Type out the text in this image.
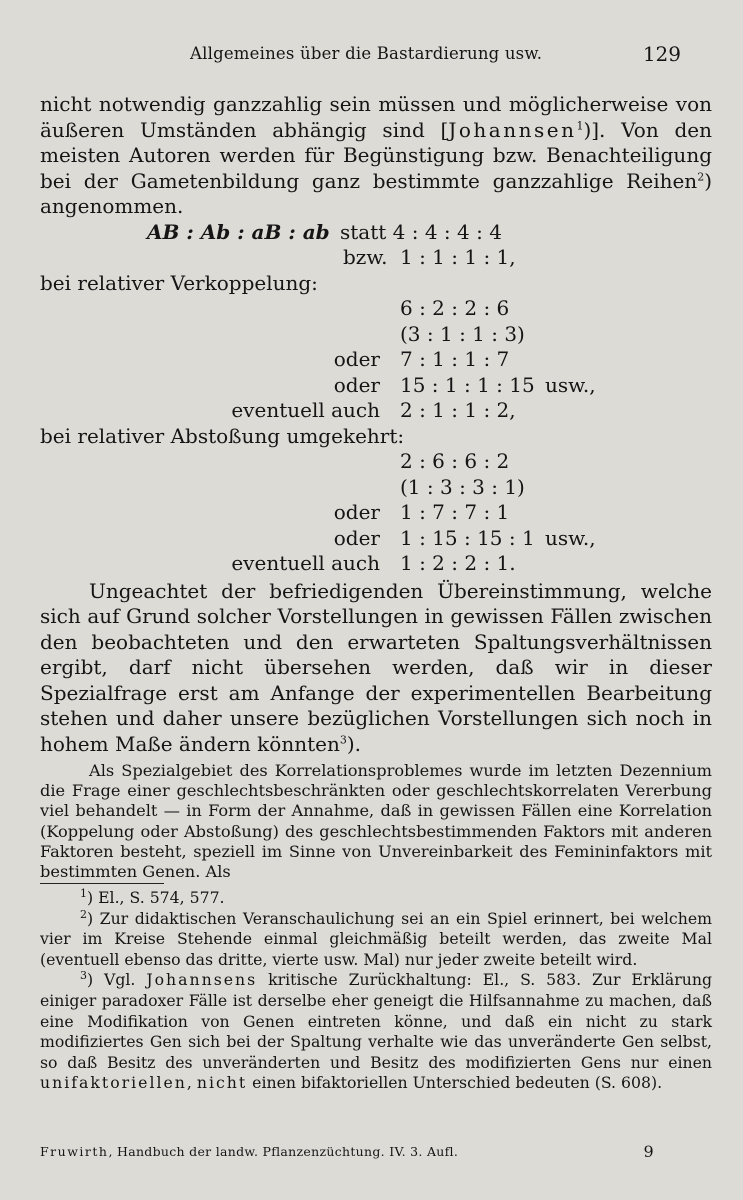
Allgemeines über die Bastardierung usw.	129

nicht notwendig ganzzahlig sein müssen und möglicherweise von äußeren Umständen abhängig sind [Johannsen$^1$)]. Von den meisten Autoren werden für Begünstigung bzw. Benachteiligung bei der Gametenbildung ganz bestimmte ganzzahlige Reihen$^2$) angenommen.

AB : Ab : aB : ab statt 4 : 4 : 4 : 4
bzw. 1 : 1 : 1 : 1,
bei relativer Verkoppelung:
6 : 2 : 2 : 6
(3 : 1 : 1 : 3)
oder 7 : 1 : 1 : 7
oder 15 : 1 : 1 : 15 usw.,
eventuell auch 2 : 1 : 1 : 2,
bei relativer Abstoßung umgekehrt:
2 : 6 : 6 : 2
(1 : 3 : 3 : 1)
oder 1 : 7 : 7 : 1
oder 1 : 15 : 15 : 1 usw.,
eventuell auch 1 : 2 : 2 : 1.

Ungeachtet der befriedigenden Übereinstimmung, welche sich auf Grund solcher Vorstellungen in gewissen Fällen zwischen den beobachteten und den erwarteten Spaltungsverhältnissen ergibt, darf nicht übersehen werden, daß wir in dieser Spezialfrage erst am Anfange der experimentellen Bearbeitung stehen und daher unsere bezüglichen Vorstellungen sich noch in hohem Maße ändern könnten$^3$).

Als Spezialgebiet des Korrelationsproblemes wurde im letzten Dezennium die Frage einer geschlechtsbeschränkten oder geschlechtskorrelaten Vererbung viel behandelt — in Form der Annahme, daß in gewissen Fällen eine Korrelation (Koppelung oder Abstoßung) des geschlechtsbestimmenden Faktors mit anderen Faktoren besteht, speziell im Sinne von Unvereinbarkeit des Femininfaktors mit bestimmten Genen. Als

$^1$) El., S. 574, 577.

$^2$) Zur didaktischen Veranschaulichung sei an ein Spiel erinnert, bei welchem vier im Kreise Stehende einmal gleichmäßig beteilt werden, das zweite Mal (eventuell ebenso das dritte, vierte usw. Mal) nur jeder zweite beteilt wird.

$^3$) Vgl. Johannsens kritische Zurückhaltung: El., S. 583. Zur Erklärung einiger paradoxer Fälle ist derselbe eher geneigt die Hilfsannahme zu machen, daß eine Modifikation von Genen eintreten könne, und daß ein nicht zu stark modifiziertes Gen sich bei der Spaltung verhalte wie das unveränderte Gen selbst, so daß Besitz des unveränderten und Besitz des modifizierten Gens nur einen unifaktoriellen, nicht einen bifaktoriellen Unterschied bedeuten (S. 608).

Fruwirth, Handbuch der landw. Pflanzenzüchtung. IV. 3. Aufl.	9
